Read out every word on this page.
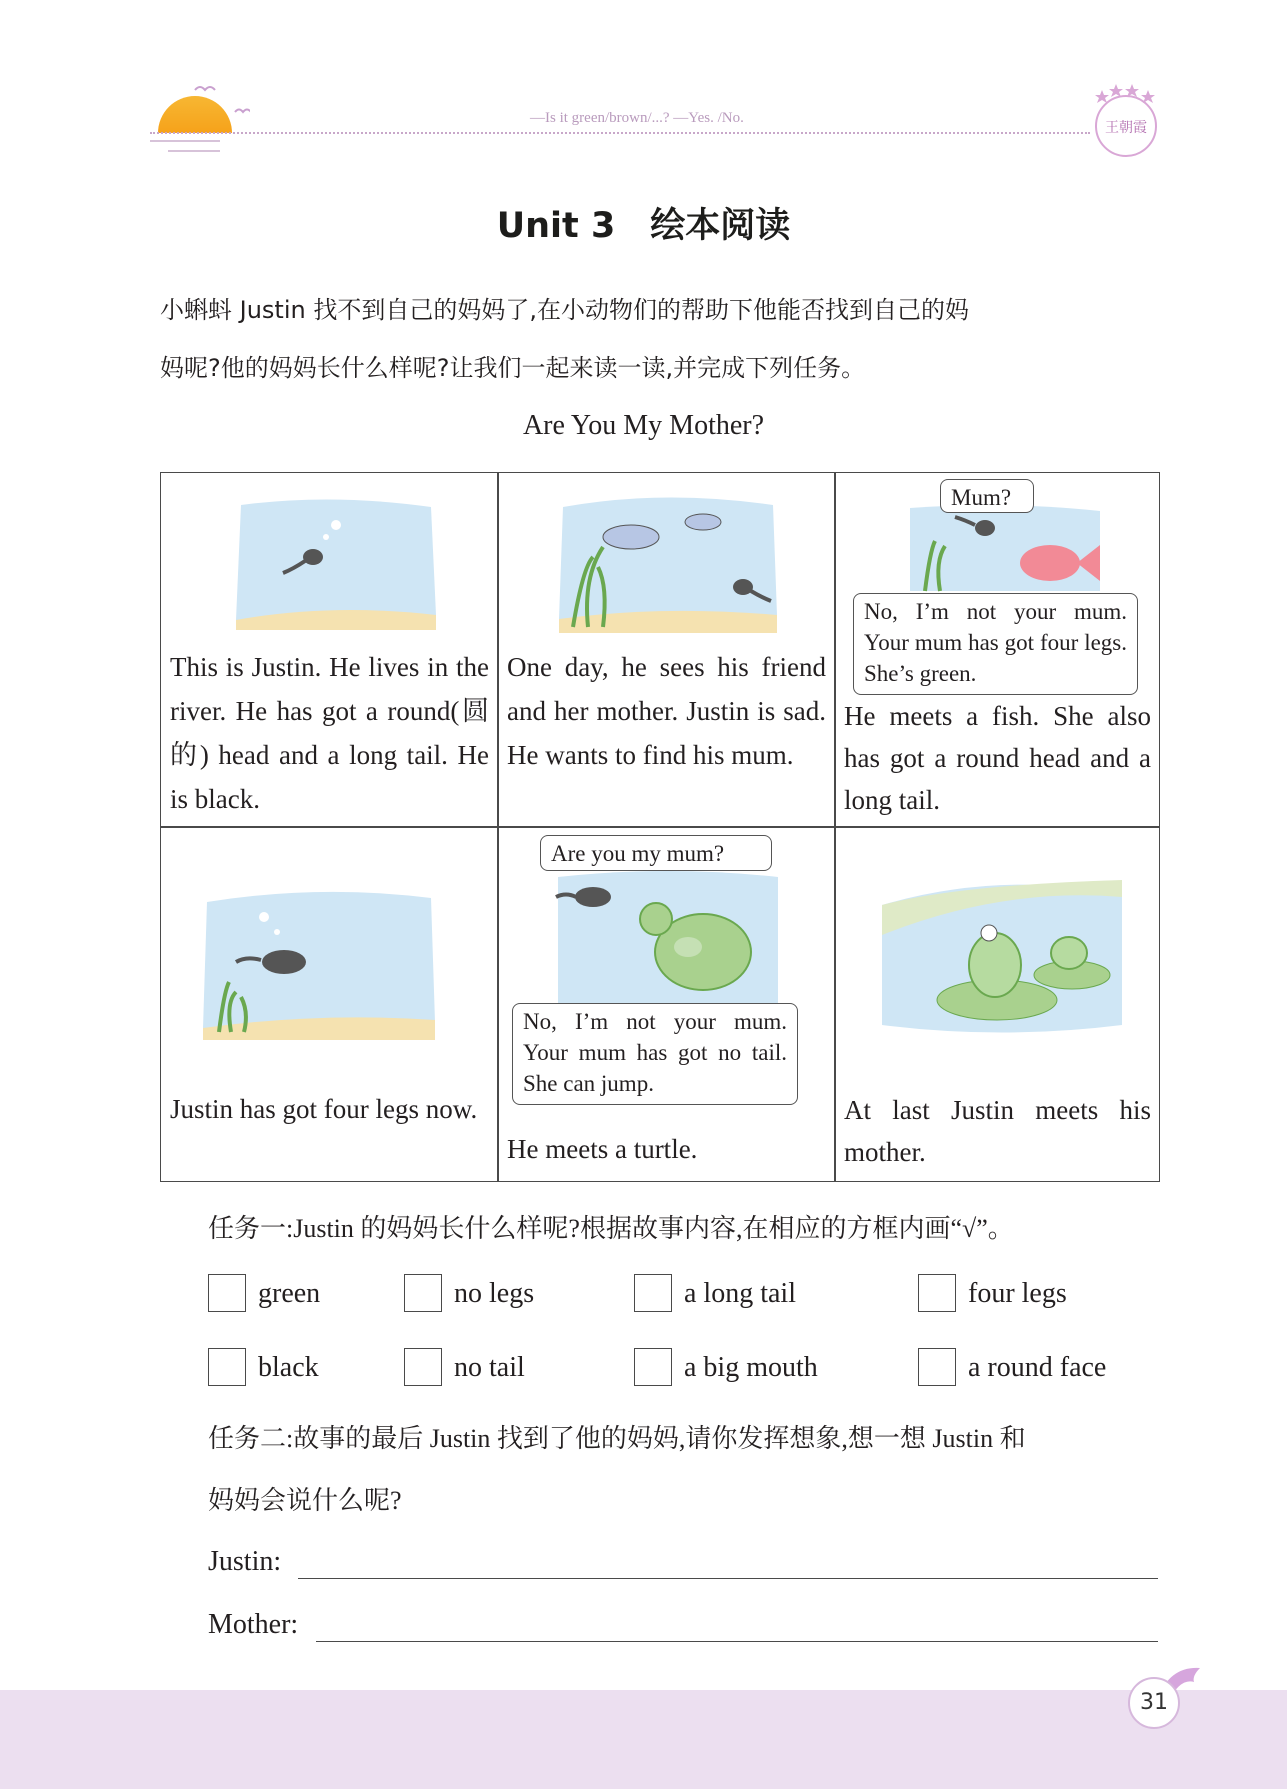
—Is it green/brown/...? —Yes. /No.
王朝霞
Unit 3　绘本阅读
小蝌蚪 Justin 找不到自己的妈妈了,在小动物们的帮助下他能否找到自己的妈
妈呢?他的妈妈长什么样呢?让我们一起来读一读,并完成下列任务。
Are You My Mother?
This is Justin. He lives in the river. He has got a round(圆的) head and a long tail. He is black.
One day, he sees his friend and her mother. Justin is sad. He wants to find his mum.
Mum?
No, I’m not your mum. Your mum has got four legs. She’s green.
He meets a fish. She also has got a round head and a long tail.
Justin has got four legs now.
Are you my mum?
No, I’m not your mum. Your mum has got no tail. She can jump.
He meets a turtle.
At last Justin meets his mother.
任务一:Justin 的妈妈长什么样呢?根据故事内容,在相应的方框内画“√”。
green	no legs	a long tail	four legs
black	no tail	a big mouth	a round face
任务二:故事的最后 Justin 找到了他的妈妈,请你发挥想象,想一想 Justin 和
妈妈会说什么呢?
Justin:
Mother:
31
